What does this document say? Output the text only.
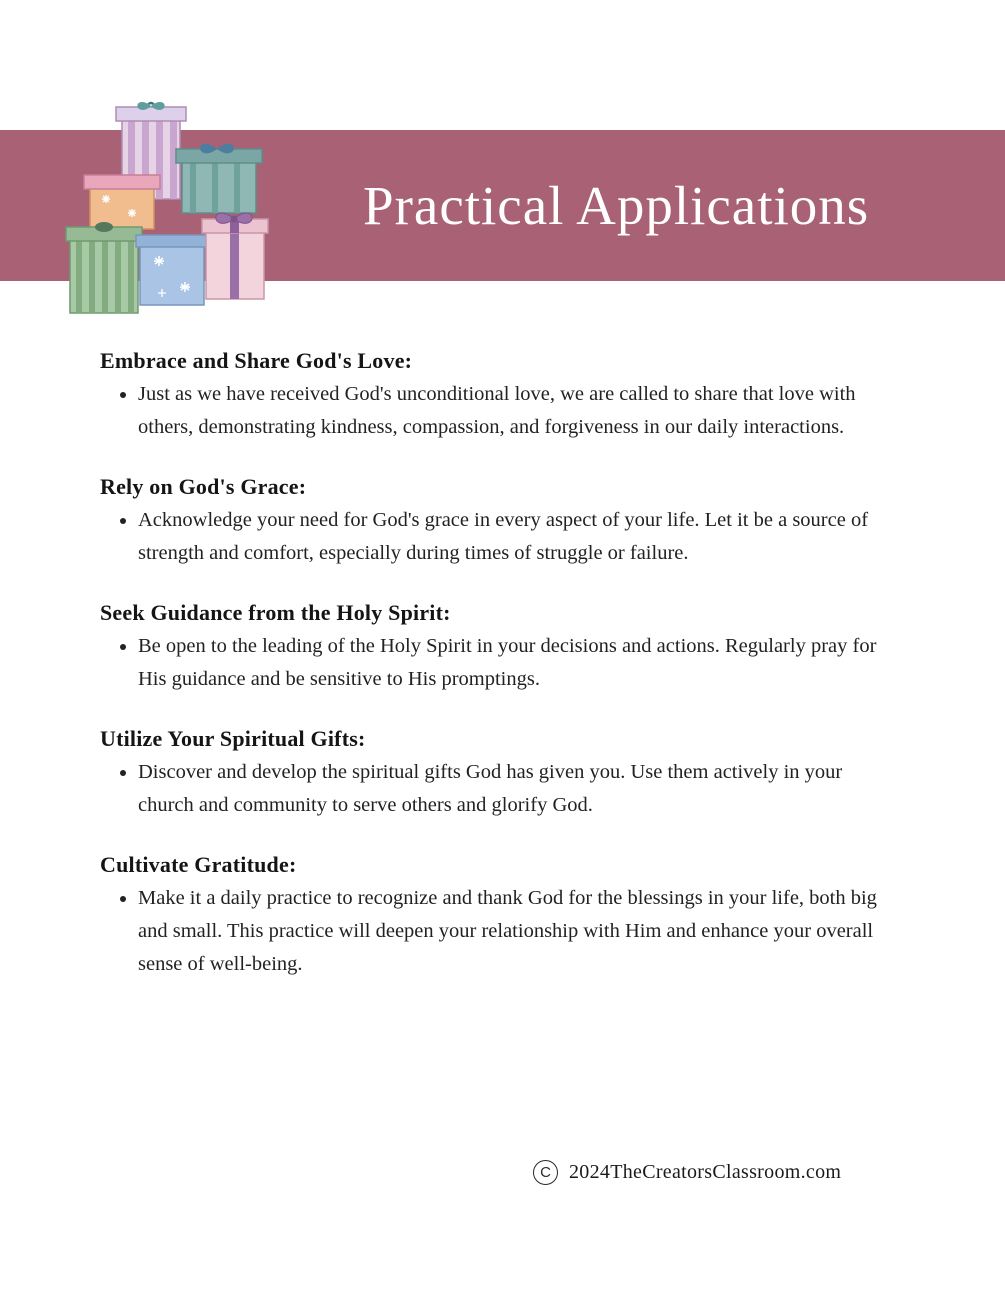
Practical Applications
Embrace and Share God's Love:
• Just as we have received God's unconditional love, we are called to share that love with others, demonstrating kindness, compassion, and forgiveness in our daily interactions.
Rely on God's Grace:
• Acknowledge your need for God's grace in every aspect of your life. Let it be a source of strength and comfort, especially during times of struggle or failure.
Seek Guidance from the Holy Spirit:
• Be open to the leading of the Holy Spirit in your decisions and actions. Regularly pray for His guidance and be sensitive to His promptings.
Utilize Your Spiritual Gifts:
• Discover and develop the spiritual gifts God has given you. Use them actively in your church and community to serve others and glorify God.
Cultivate Gratitude:
• Make it a daily practice to recognize and thank God for the blessings in your life, both big and small. This practice will deepen your relationship with Him and enhance your overall sense of well-being.
C 2024TheCreatorsClassroom.com
